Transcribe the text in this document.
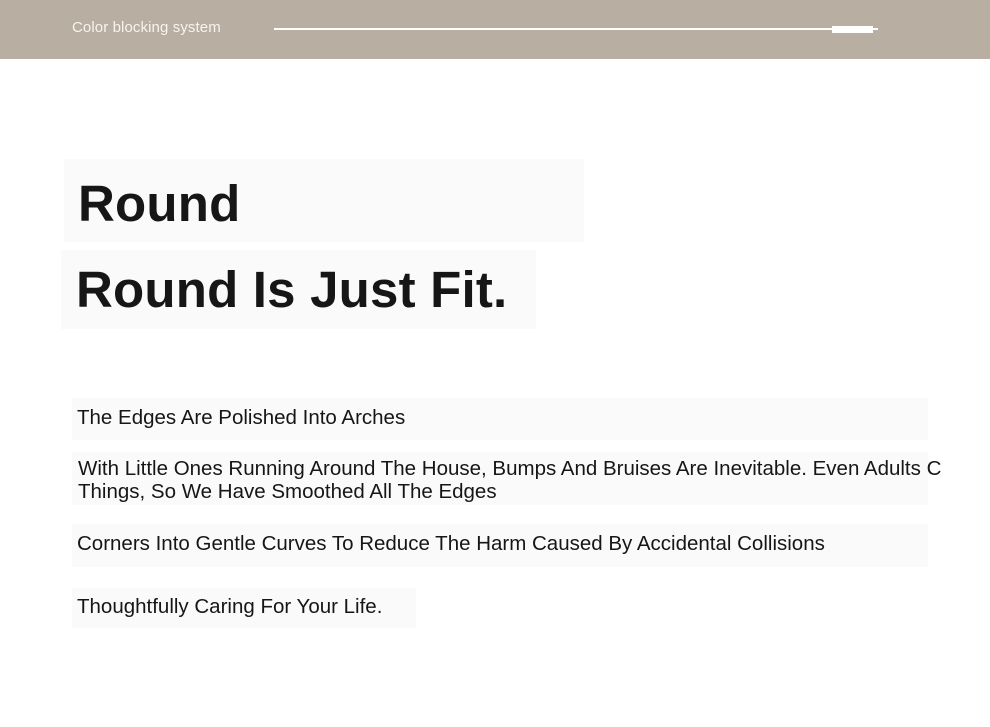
Color blocking system
Round
Round Is Just Fit.
The Edges Are Polished Into Arches
With Little Ones Running Around The House, Bumps And Bruises Are Inevitable. Even Adults C
Things, So We Have Smoothed All The Edges
Corners Into Gentle Curves To Reduce The Harm Caused By Accidental Collisions
Thoughtfully Caring For Your Life.
